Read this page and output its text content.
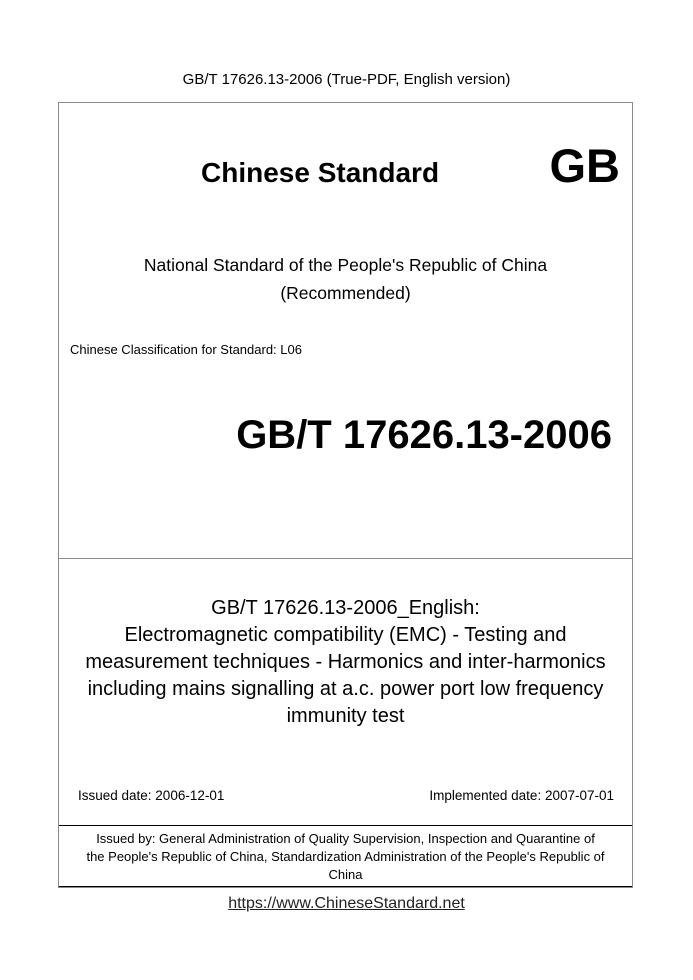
GB/T 17626.13-2006 (True-PDF, English version)
Chinese Standard GB
National Standard of the People's Republic of China
(Recommended)
Chinese Classification for Standard: L06
GB/T 17626.13-2006
GB/T 17626.13-2006_English:
Electromagnetic compatibility (EMC) - Testing and
measurement techniques - Harmonics and inter-harmonics
including mains signalling at a.c. power port low frequency
immunity test
Issued date: 2006-12-01	Implemented date: 2007-07-01
Issued by: General Administration of Quality Supervision, Inspection and Quarantine of
the People's Republic of China, Standardization Administration of the People's Republic of
China
https://www.ChineseStandard.net
